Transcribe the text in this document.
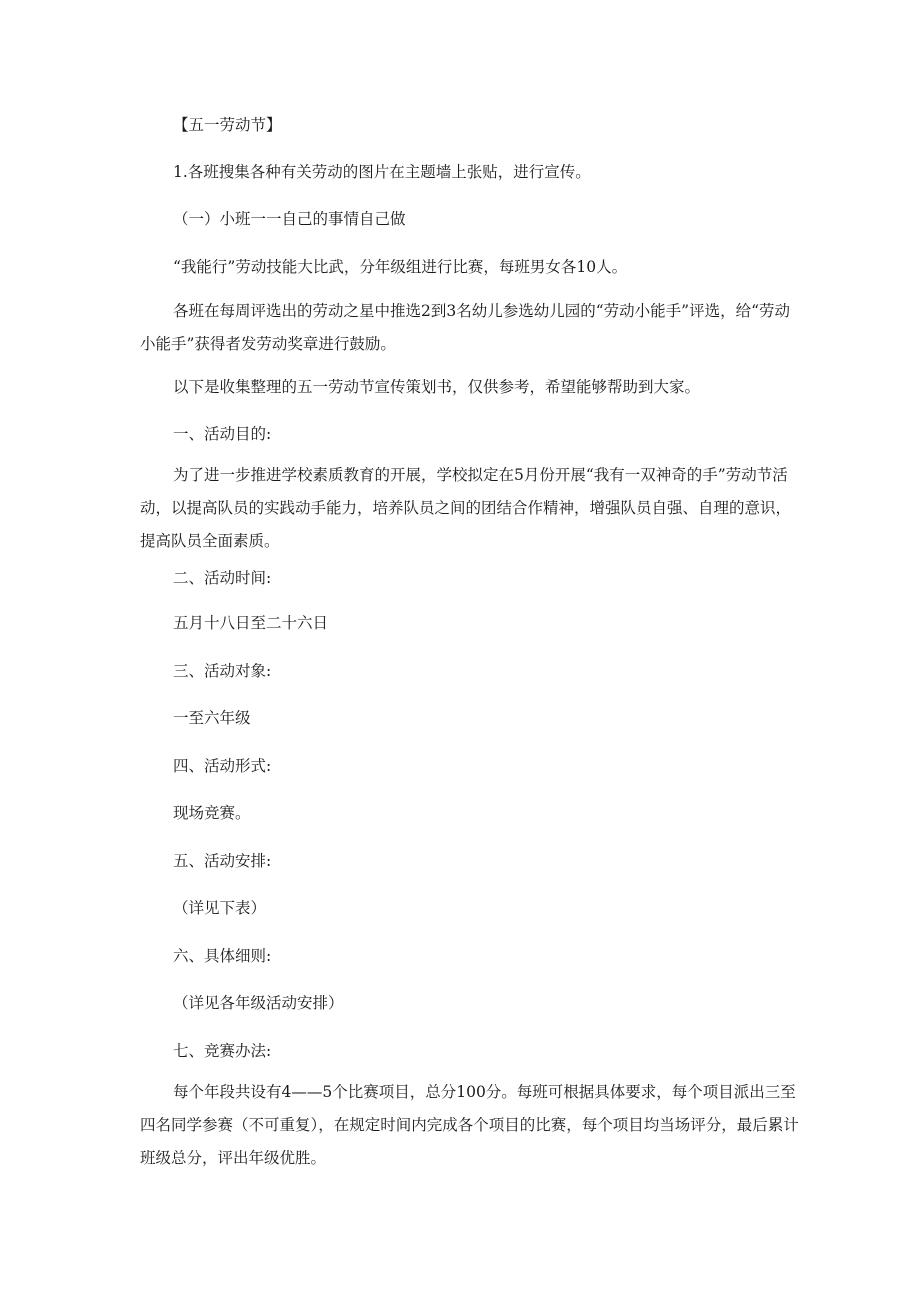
【五一劳动节】

1.各班搜集各种有关劳动的图片在主题墙上张贴，进行宣传。

（一）小班一一自己的事情自己做

“我能行”劳动技能大比武，分年级组进行比赛，每班男女各10人。

各班在每周评选出的劳动之星中推选2到3名幼儿参选幼儿园的“劳动小能手”评选，给“劳动小能手”获得者发劳动奖章进行鼓励。

以下是收集整理的五一劳动节宣传策划书，仅供参考，希望能够帮助到大家。

一、活动目的:

为了进一步推进学校素质教育的开展，学校拟定在5月份开展“我有一双神奇的手”劳动节活动，以提高队员的实践动手能力，培养队员之间的团结合作精神，增强队员自强、自理的意识，提高队员全面素质。

二、活动时间:

五月十八日至二十六日

三、活动对象:

一至六年级

四、活动形式:

现场竞赛。

五、活动安排:

（详见下表）

六、具体细则:

（详见各年级活动安排）

七、竞赛办法:

每个年段共设有4——5个比赛项目，总分100分。每班可根据具体要求，每个项目派出三至四名同学参赛（不可重复），在规定时间内完成各个项目的比赛，每个项目均当场评分，最后累计班级总分，评出年级优胜。
